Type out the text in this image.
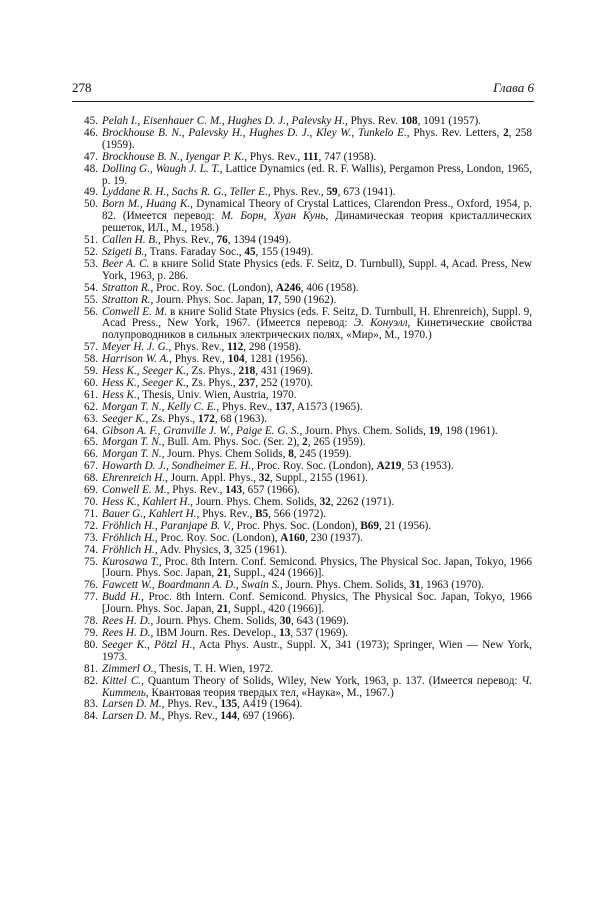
278	Глава 6
45. Pelah I., Eisenhauer C. M., Hughes D. J., Palevsky H., Phys. Rev. 108, 1091 (1957).
46. Brockhouse B. N., Palevsky H., Hughes D. J., Kley W., Tunkelo E., Phys. Rev. Letters, 2, 258 (1959).
47. Brockhouse B. N., Iyengar P. K., Phys. Rev., 111, 747 (1958).
48. Dolling G., Waugh J. L. T., Lattice Dynamics (ed. R. F. Wallis), Pergamon Press, London, 1965, p. 19.
49. Lyddane R. H., Sachs R. G., Teller E., Phys. Rev., 59, 673 (1941).
50. Born M., Huang K., Dynamical Theory of Crystal Lattices, Clarendon Press., Oxford, 1954, p. 82. (Имеется перевод: М. Борн, Хуан Кунь, Динамическая теория кристаллических решеток, ИЛ., М., 1958.)
51. Callen H. B., Phys. Rev., 76, 1394 (1949).
52. Szigeti B., Trans. Faraday Soc., 45, 155 (1949).
53. Beer A. C. в книге Solid State Physics (eds. F. Seitz, D. Turnbull), Suppl. 4, Acad. Press, New York, 1963, p. 286.
54. Stratton R., Proc. Roy. Soc. (London), A246, 406 (1958).
55. Stratton R., Journ. Phys. Soc. Japan, 17, 590 (1962).
56. Conwell E. M. в книге Solid State Physics (eds. F. Seitz, D. Turnbull, H. Ehrenreich), Suppl. 9, Acad Press., New York, 1967. (Имеется перевод: Э. Конуэлл, Кинетические свойства полупроводников в сильных электрических полях, «Мир», М., 1970.)
57. Meyer H. J. G., Phys. Rev., 112, 298 (1958).
58. Harrison W. A., Phys. Rev., 104, 1281 (1956).
59. Hess K., Seeger K., Zs. Phys., 218, 431 (1969).
60. Hess K., Seeger K., Zs. Phys., 237, 252 (1970).
61. Hess K., Thesis, Univ. Wien, Austria, 1970.
62. Morgan T. N., Kelly C. E., Phys. Rev., 137, A1573 (1965).
63. Seeger K., Zs. Phys., 172, 68 (1963).
64. Gibson A. F., Granville J. W., Paige E. G. S., Journ. Phys. Chem. Solids, 19, 198 (1961).
65. Morgan T. N., Bull. Am. Phys. Soc. (Ser. 2), 2, 265 (1959).
66. Morgan T. N., Journ. Phys. Chem Solids, 8, 245 (1959).
67. Howarth D. J., Sondheimer E. H., Proc. Roy. Soc. (London), A219, 53 (1953).
68. Ehrenreich H., Journ. Appl. Phys., 32, Suppl., 2155 (1961).
69. Conwell E. M., Phys. Rev., 143, 657 (1966).
70. Hess K., Kahlert H., Journ. Phys. Chem. Solids, 32, 2262 (1971).
71. Bauer G., Kahlert H., Phys. Rev., B5, 566 (1972).
72. Fröhlich H., Paranjape B. V., Proc. Phys. Soc. (London), B69, 21 (1956).
73. Fröhlich H., Proc. Roy. Soc. (London), A160, 230 (1937).
74. Fröhlich H., Adv. Physics, 3, 325 (1961).
75. Kurosawa T., Proc. 8th Intern. Conf. Semicond. Physics, The Physical Soc. Japan, Tokyo, 1966 [Journ. Phys. Soc. Japan, 21, Suppl., 424 (1966)].
76. Fawcett W., Boardmann A. D., Swain S., Journ. Phys. Chem. Solids, 31, 1963 (1970).
77. Budd H., Proc. 8th Intern. Conf. Semicond. Physics, The Physical Soc. Japan, Tokyo, 1966 [Journ. Phys. Soc. Japan, 21, Suppl., 420 (1966)].
78. Rees H. D., Journ. Phys. Chem. Solids, 30, 643 (1969).
79. Rees H. D., IBM Journ. Res. Develop., 13, 537 (1969).
80. Seeger K., Pötzl H., Acta Phys. Austr., Suppl. X, 341 (1973); Springer, Wien — New York, 1973.
81. Zimmerl O., Thesis, T. H. Wien, 1972.
82. Kittel C., Quantum Theory of Solids, Wiley, New York, 1963, p. 137. (Имеется перевод: Ч. Киттель, Квантовая теория твердых тел, «Наука», М., 1967.)
83. Larsen D. M., Phys. Rev., 135, A419 (1964).
84. Larsen D. M., Phys. Rev., 144, 697 (1966).
